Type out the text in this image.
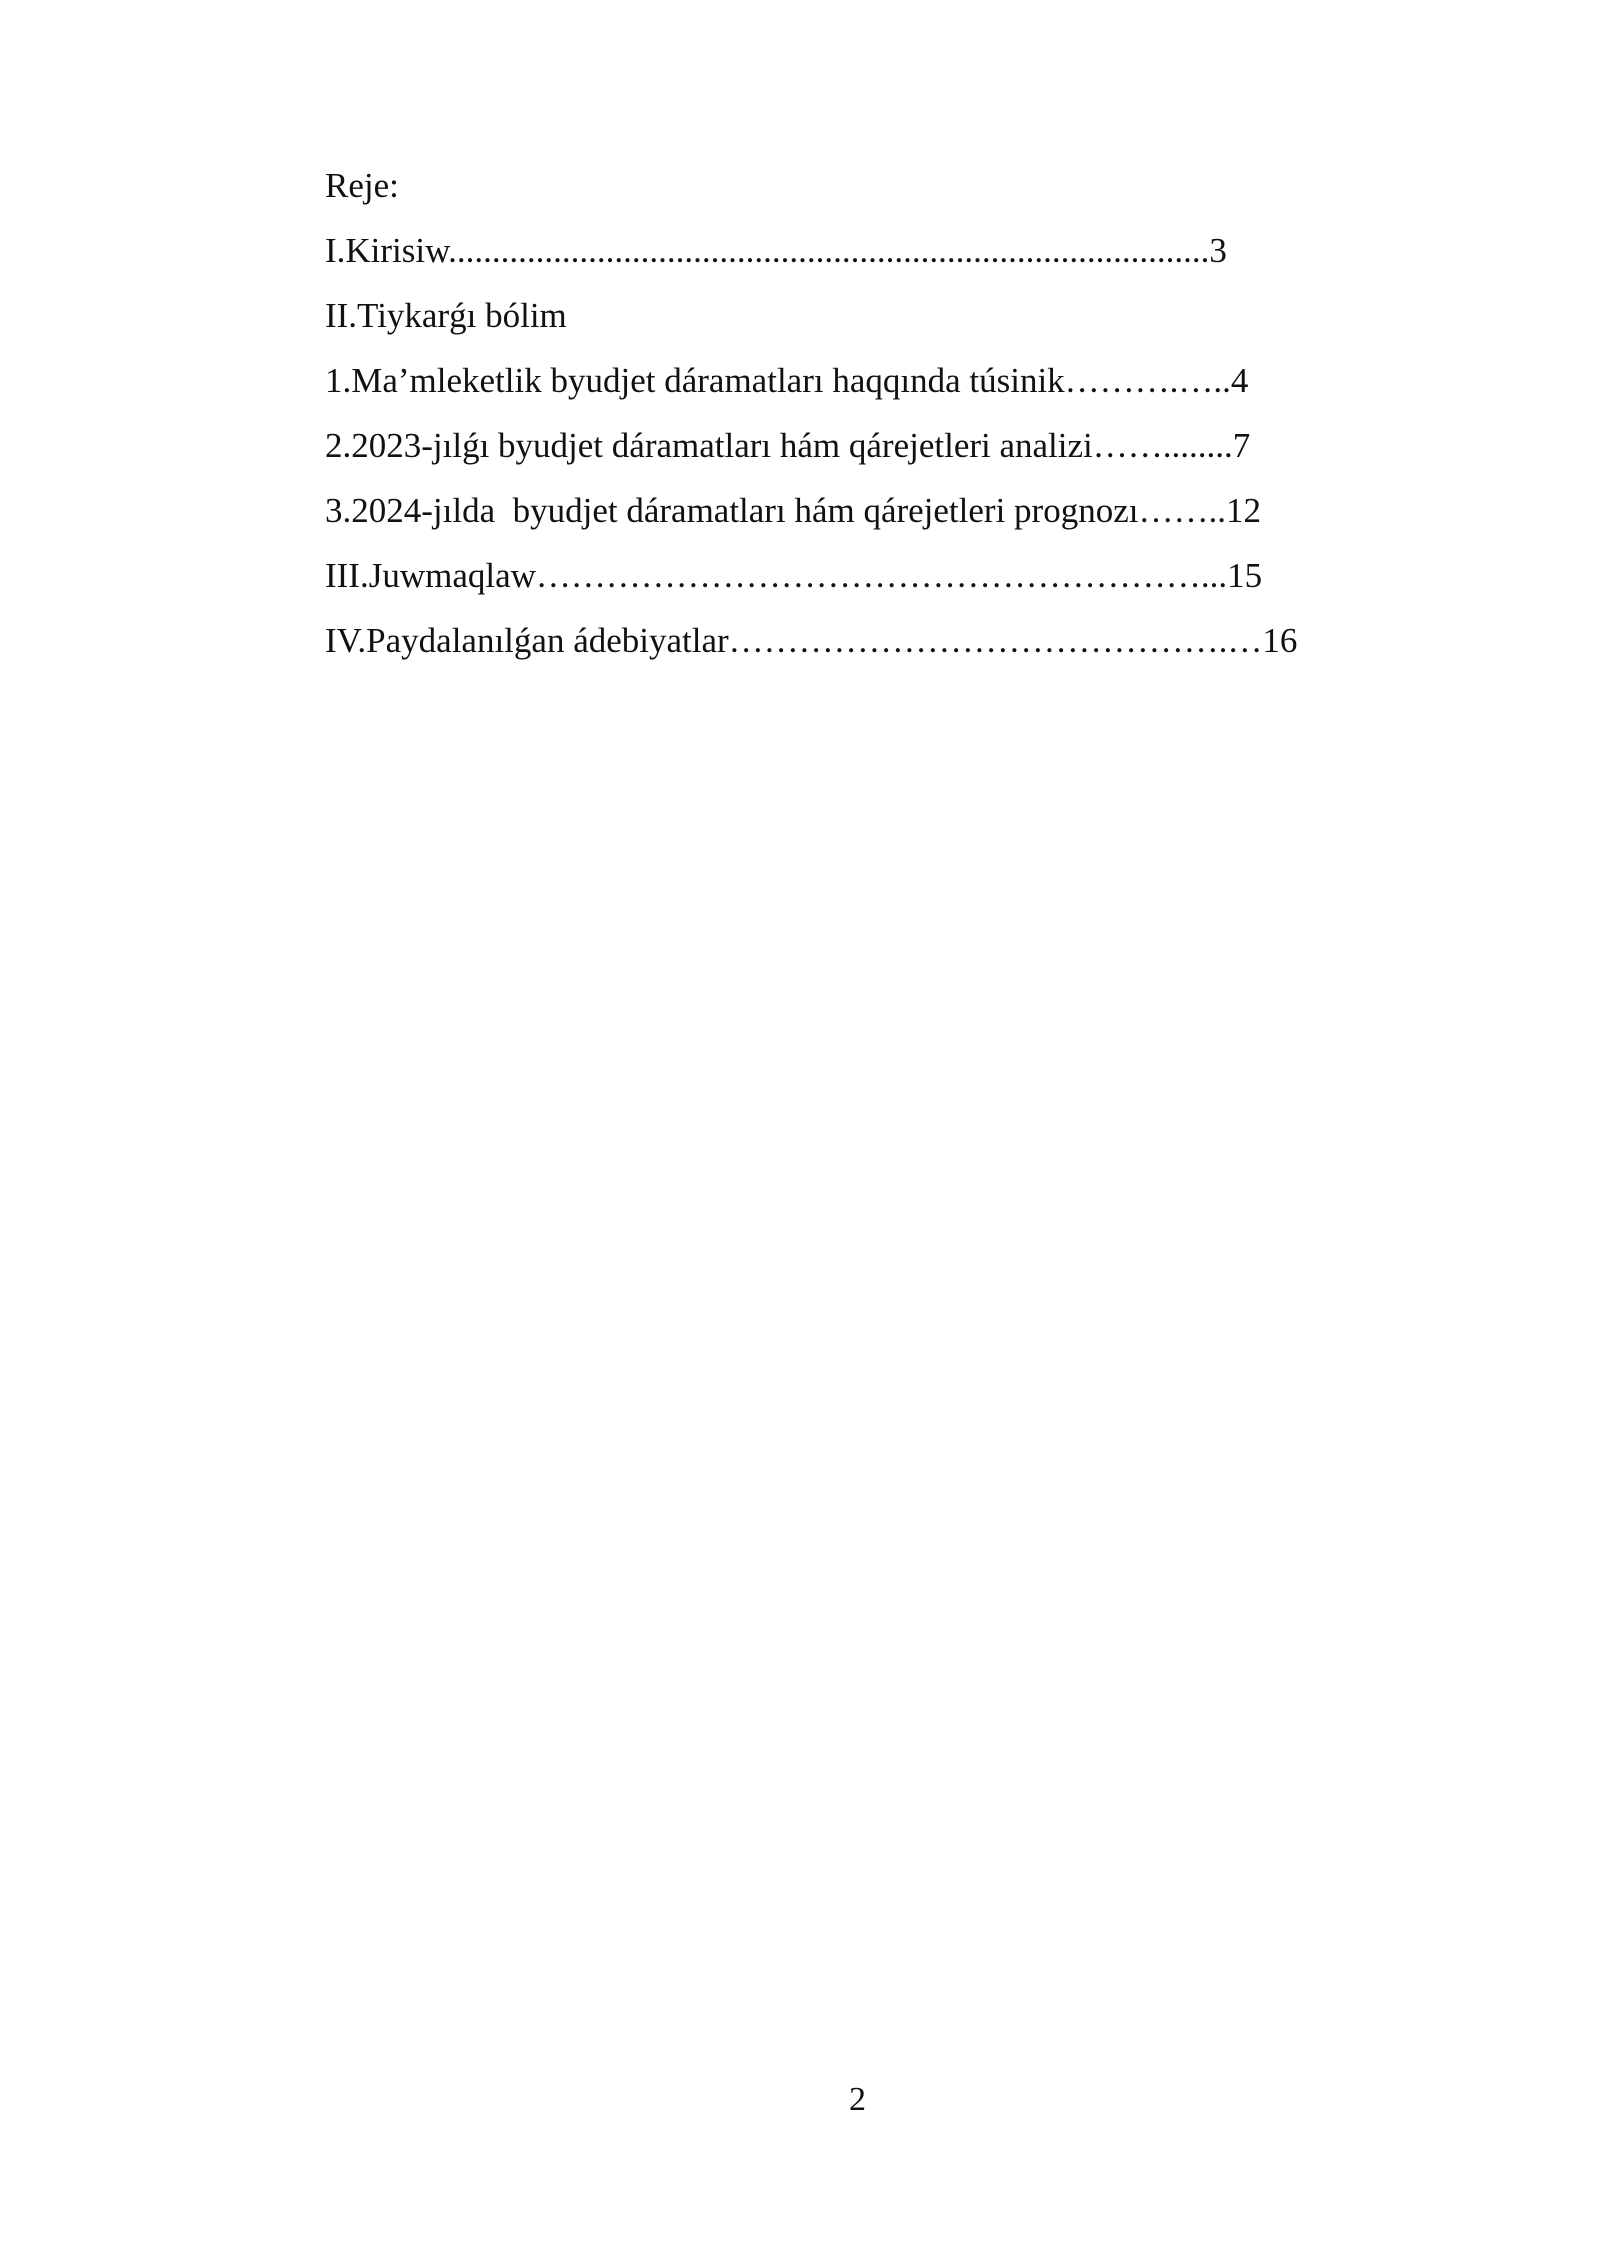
Reje:
I.Kirisiw.......................................................................................3
II.Tiykarǵı bólim
1.Ma’mleketlik byudjet dáramatları haqqında túsinik……….…..4
2.2023-jılǵı byudjet dáramatları hám qárejetleri analizi……........7
3.2024-jılda  byudjet dáramatları hám qárejetleri prognozı……..12
III.Juwmaqlaw…………………………………………………...15
IV.Paydalanılǵan ádebiyatlar…………………………………….…16
2
